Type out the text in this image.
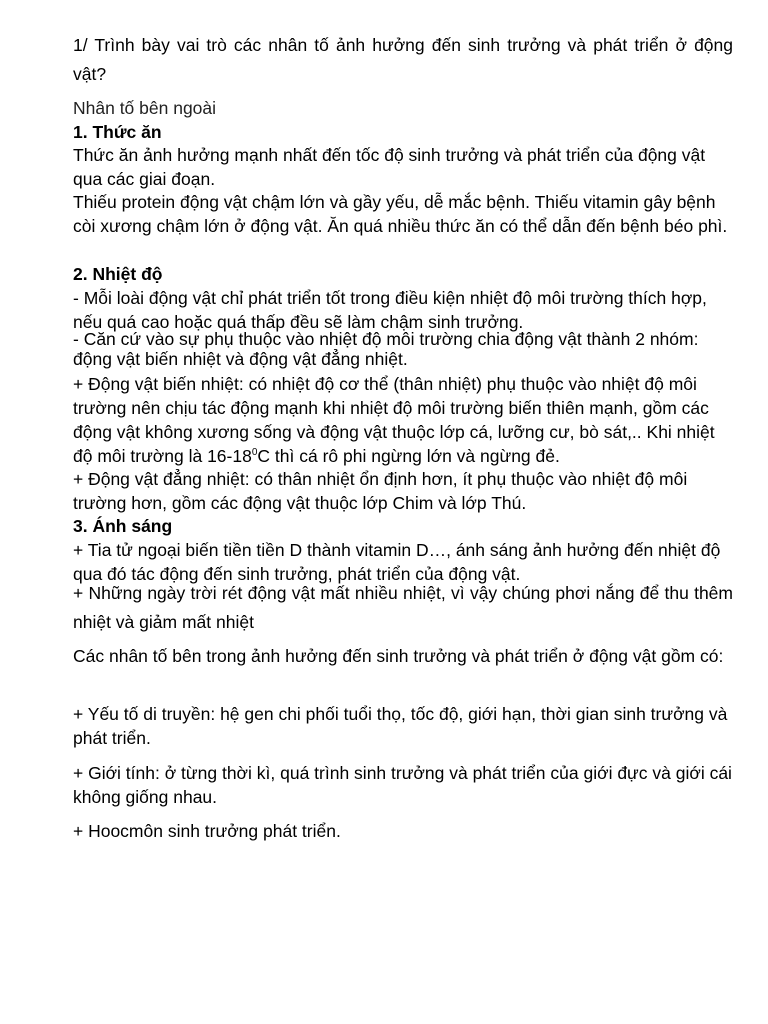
1/ Trình bày vai trò các nhân tố ảnh hưởng đến sinh trưởng và phát triển ở động vật?

Nhân tố bên ngoài

1. Thức ăn

Thức ăn ảnh hưởng mạnh nhất đến tốc độ sinh trưởng và phát triển của động vật qua các giai đoạn.

Thiếu protein động vật chậm lớn và gầy yếu, dễ mắc bệnh. Thiếu vitamin gây bệnh còi xương chậm lớn ở động vật. Ăn quá nhiều thức ăn có thể dẫn đến bệnh béo phì.

2. Nhiệt độ

- Mỗi loài động vật chỉ phát triển tốt trong điều kiện nhiệt độ môi trường thích hợp, nếu quá cao hoặc quá thấp đều sẽ làm chậm sinh trưởng.

- Căn cứ vào sự phụ thuộc vào nhiệt độ môi trường chia động vật thành 2 nhóm: động vật biến nhiệt và động vật đẳng nhiệt.

+ Động vật biến nhiệt: có nhiệt độ cơ thể (thân nhiệt) phụ thuộc vào nhiệt độ môi trường nên chịu tác động mạnh khi nhiệt độ môi trường biến thiên mạnh, gồm các động vật không xương sống và động vật thuộc lớp cá, lưỡng cư, bò sát,.. Khi nhiệt độ môi trường là $16-18^0C$ thì cá rô phi ngừng lớn và ngừng đẻ.

+ Động vật đẳng nhiệt: có thân nhiệt ổn định hơn, ít phụ thuộc vào nhiệt độ môi trường hơn, gồm các động vật thuộc lớp Chim và lớp Thú.

3. Ánh sáng

+ Tia tử ngoại biến tiền tiền D thành vitamin D…, ánh sáng ảnh hưởng đến nhiệt độ qua đó tác động đến sinh trưởng, phát triển của động vật.

+ Những ngày trời rét động vật mất nhiều nhiệt, vì vậy chúng phơi nắng để thu thêm nhiệt và giảm mất nhiệt

Các nhân tố bên trong ảnh hưởng đến sinh trưởng và phát triển ở động vật gồm có:

+ Yếu tố di truyền: hệ gen chi phối tuổi thọ, tốc độ, giới hạn, thời gian sinh trưởng và phát triển.

+ Giới tính: ở từng thời kì, quá trình sinh trưởng và phát triển của giới đực và giới cái không giống nhau.

+ Hoocmôn sinh trưởng phát triển.
